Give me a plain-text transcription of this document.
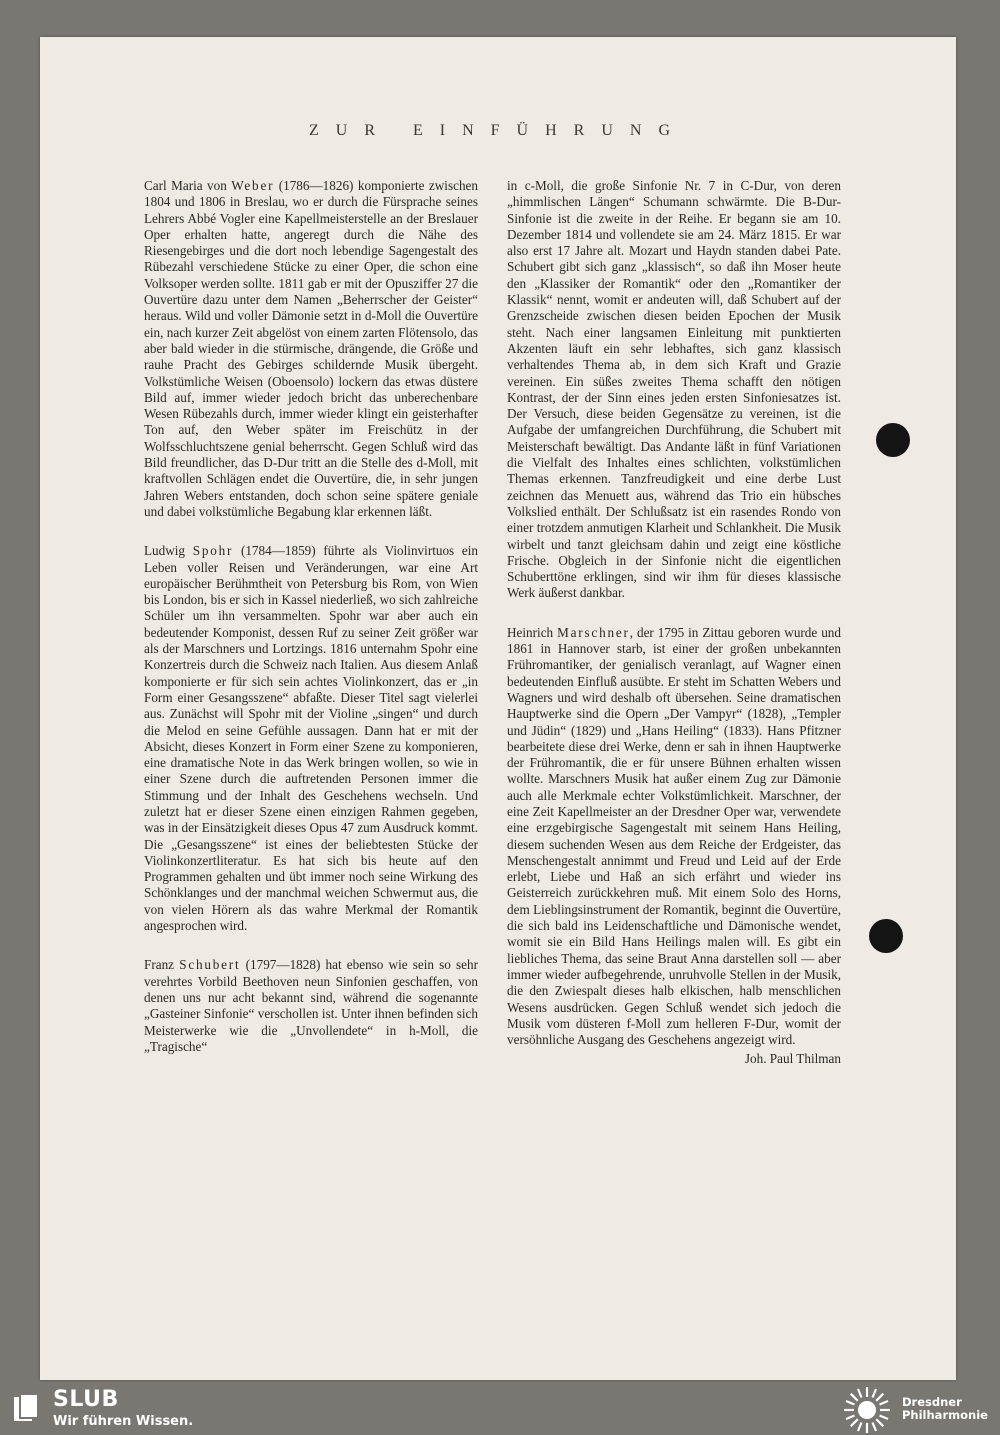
ZUR EINFÜHRUNG

Carl Maria von Weber (1786—1826) komponierte zwischen 1804 und 1806 in Breslau, wo er durch die Fürsprache seines Lehrers Abbé Vogler eine Kapellmeisterstelle an der Breslauer Oper erhalten hatte, angeregt durch die Nähe des Riesengebirges und die dort noch lebendige Sagengestalt des Rübezahl verschiedene Stücke zu einer Oper, die schon eine Volksoper werden sollte. 1811 gab er mit der Opusziffer 27 die Ouvertüre dazu unter dem Namen „Beherrscher der Geister“ heraus. Wild und voller Dämonie setzt in d-Moll die Ouvertüre ein, nach kurzer Zeit abgelöst von einem zarten Flötensolo, das aber bald wieder in die stürmische, drängende, die Größe und rauhe Pracht des Gebirges schildernde Musik übergeht. Volkstümliche Weisen (Oboensolo) lockern das etwas düstere Bild auf, immer wieder jedoch bricht das unberechenbare Wesen Rübezahls durch, immer wieder klingt ein geisterhafter Ton auf, den Weber später im Freischütz in der Wolfsschluchtszene genial beherrscht. Gegen Schluß wird das Bild freundlicher, das D-Dur tritt an die Stelle des d-Moll, mit kraftvollen Schlägen endet die Ouvertüre, die, in sehr jungen Jahren Webers entstanden, doch schon seine spätere geniale und dabei volkstümliche Begabung klar erkennen läßt.

Ludwig Spohr (1784—1859) führte als Violinvirtuos ein Leben voller Reisen und Veränderungen, war eine Art europäischer Berühmtheit von Petersburg bis Rom, von Wien bis London, bis er sich in Kassel niederließ, wo sich zahlreiche Schüler um ihn versammelten. Spohr war aber auch ein bedeutender Komponist, dessen Ruf zu seiner Zeit größer war als der Marschners und Lortzings. 1816 unternahm Spohr eine Konzertreis durch die Schweiz nach Italien. Aus diesem Anlaß komponierte er für sich sein achtes Violinkonzert, das er „in Form einer Gesangsszene“ abfaßte. Dieser Titel sagt vielerlei aus. Zunächst will Spohr mit der Violine „singen“ und durch die Melod en seine Gefühle aussagen. Dann hat er mit der Absicht, dieses Konzert in Form einer Szene zu komponieren, eine dramatische Note in das Werk bringen wollen, so wie in einer Szene durch die auftretenden Personen immer die Stimmung und der Inhalt des Geschehens wechseln. Und zuletzt hat er dieser Szene einen einzigen Rahmen gegeben, was in der Einsätzigkeit dieses Opus 47 zum Ausdruck kommt. Die „Gesangsszene“ ist eines der beliebtesten Stücke der Violinkonzertliteratur. Es hat sich bis heute auf den Programmen gehalten und übt immer noch seine Wirkung des Schönklanges und der manchmal weichen Schwermut aus, die von vielen Hörern als das wahre Merkmal der Romantik angesprochen wird.

Franz Schubert (1797—1828) hat ebenso wie sein so sehr verehrtes Vorbild Beethoven neun Sinfonien geschaffen, von denen uns nur acht bekannt sind, während die sogenannte „Gasteiner Sinfonie“ verschollen ist. Unter ihnen befinden sich Meisterwerke wie die „Unvollendete“ in h-Moll, die „Tragische“

in c-Moll, die große Sinfonie Nr. 7 in C-Dur, von deren „himmlischen Längen“ Schumann schwärmte. Die B-Dur-Sinfonie ist die zweite in der Reihe. Er begann sie am 10. Dezember 1814 und vollendete sie am 24. März 1815. Er war also erst 17 Jahre alt. Mozart und Haydn standen dabei Pate. Schubert gibt sich ganz „klassisch“, so daß ihn Moser heute den „Klassiker der Romantik“ oder den „Romantiker der Klassik“ nennt, womit er andeuten will, daß Schubert auf der Grenzscheide zwischen diesen beiden Epochen der Musik steht. Nach einer langsamen Einleitung mit punktierten Akzenten läuft ein sehr lebhaftes, sich ganz klassisch verhaltendes Thema ab, in dem sich Kraft und Grazie vereinen. Ein süßes zweites Thema schafft den nötigen Kontrast, der der Sinn eines jeden ersten Sinfoniesatzes ist. Der Versuch, diese beiden Gegensätze zu vereinen, ist die Aufgabe der umfangreichen Durchführung, die Schubert mit Meisterschaft bewältigt. Das Andante läßt in fünf Variationen die Vielfalt des Inhaltes eines schlichten, volkstümlichen Themas erkennen. Tanzfreudigkeit und eine derbe Lust zeichnen das Menuett aus, während das Trio ein hübsches Volkslied enthält. Der Schlußsatz ist ein rasendes Rondo von einer trotzdem anmutigen Klarheit und Schlankheit. Die Musik wirbelt und tanzt gleichsam dahin und zeigt eine köstliche Frische. Obgleich in der Sinfonie nicht die eigentlichen Schuberttöne erklingen, sind wir ihm für dieses klassische Werk äußerst dankbar.

Heinrich Marschner, der 1795 in Zittau geboren wurde und 1861 in Hannover starb, ist einer der großen unbekannten Frühromantiker, der genialisch veranlagt, auf Wagner einen bedeutenden Einfluß ausübte. Er steht im Schatten Webers und Wagners und wird deshalb oft übersehen. Seine dramatischen Hauptwerke sind die Opern „Der Vampyr“ (1828), „Templer und Jüdin“ (1829) und „Hans Heiling“ (1833). Hans Pfitzner bearbeitete diese drei Werke, denn er sah in ihnen Hauptwerke der Frühromantik, die er für unsere Bühnen erhalten wissen wollte. Marschners Musik hat außer einem Zug zur Dämonie auch alle Merkmale echter Volkstümlichkeit. Marschner, der eine Zeit Kapellmeister an der Dresdner Oper war, verwendete eine erzgebirgische Sagengestalt mit seinem Hans Heiling, diesem suchenden Wesen aus dem Reiche der Erdgeister, das Menschengestalt annimmt und Freud und Leid auf der Erde erlebt, Liebe und Haß an sich erfährt und wieder ins Geisterreich zurückkehren muß. Mit einem Solo des Horns, dem Lieblingsinstrument der Romantik, beginnt die Ouvertüre, die sich bald ins Leidenschaftliche und Dämonische wendet, womit sie ein Bild Hans Heilings malen will. Es gibt ein liebliches Thema, das seine Braut Anna darstellen soll — aber immer wieder aufbegehrende, unruhvolle Stellen in der Musik, die den Zwiespalt dieses halb elkischen, halb menschlichen Wesens ausdrücken. Gegen Schluß wendet sich jedoch die Musik vom düsteren f-Moll zum helleren F-Dur, womit der versöhnliche Ausgang des Geschehens angezeigt wird.

Joh. Paul Thilman
SLUB
Wir führen Wissen.
Dresdner
Philharmonie
